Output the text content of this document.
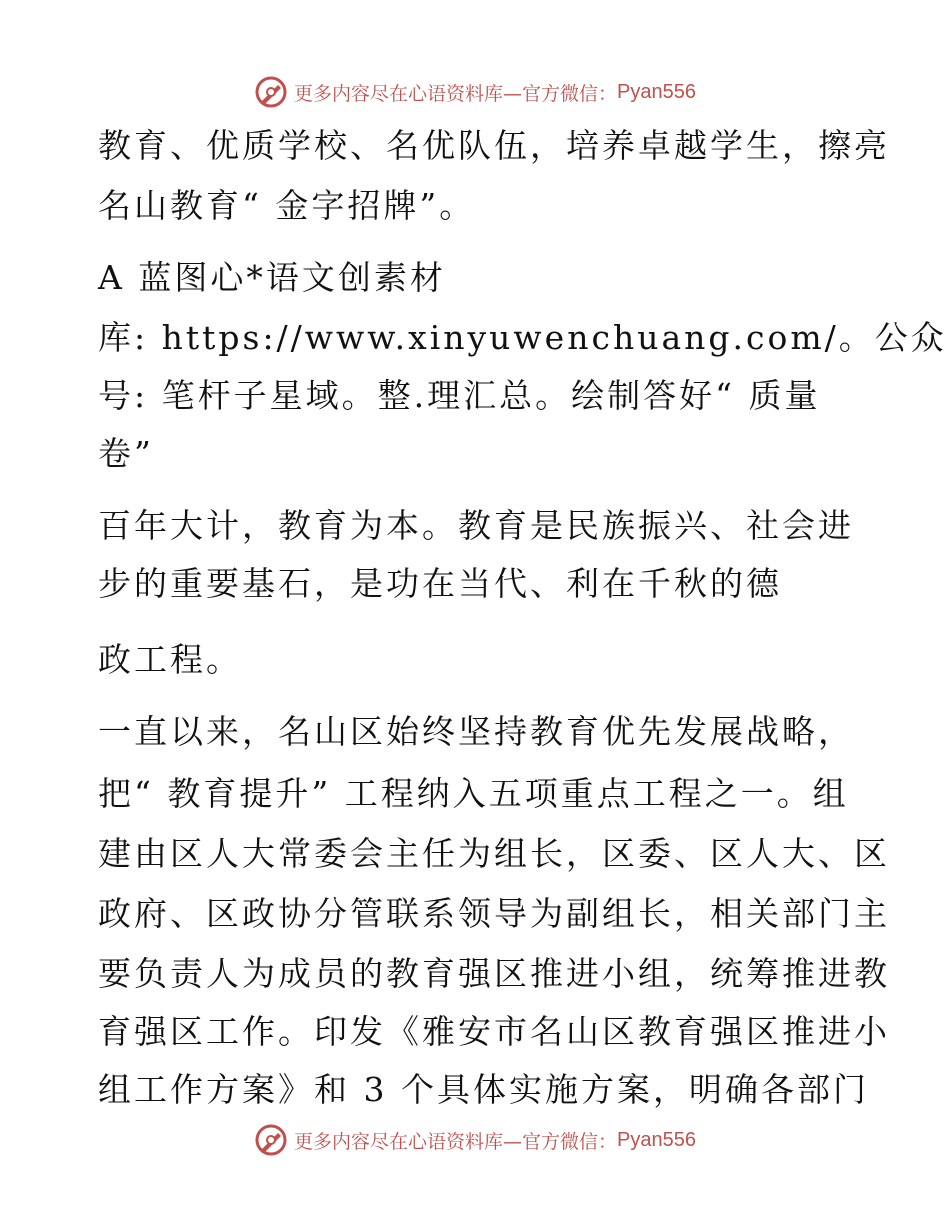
更多内容尽在心语资料库—官方微信： Pyan556
教育、优质学校、名优队伍，培养卓越学生，擦亮
名山教育“ 金字招牌”。
A 蓝图心*语文创素材
库: https://www.xinyuwenchuang.com/。公众
号: 笔杆子星域。整.理汇总。绘制答好“ 质量
卷”
百年大计，教育为本。教育是民族振兴、社会进
步的重要基石，是功在当代、利在千秋的德
政工程。
一直以来，名山区始终坚持教育优先发展战略，
把“ 教育提升” 工程纳入五项重点工程之一。组
建由区人大常委会主任为组长，区委、区人大、区
政府、区政协分管联系领导为副组长，相关部门主
要负责人为成员的教育强区推进小组，统筹推进教
育强区工作。印发《雅安市名山区教育强区推进小
组工作方案》和 3 个具体实施方案，明确各部门
更多内容尽在心语资料库—官方微信： Pyan556
